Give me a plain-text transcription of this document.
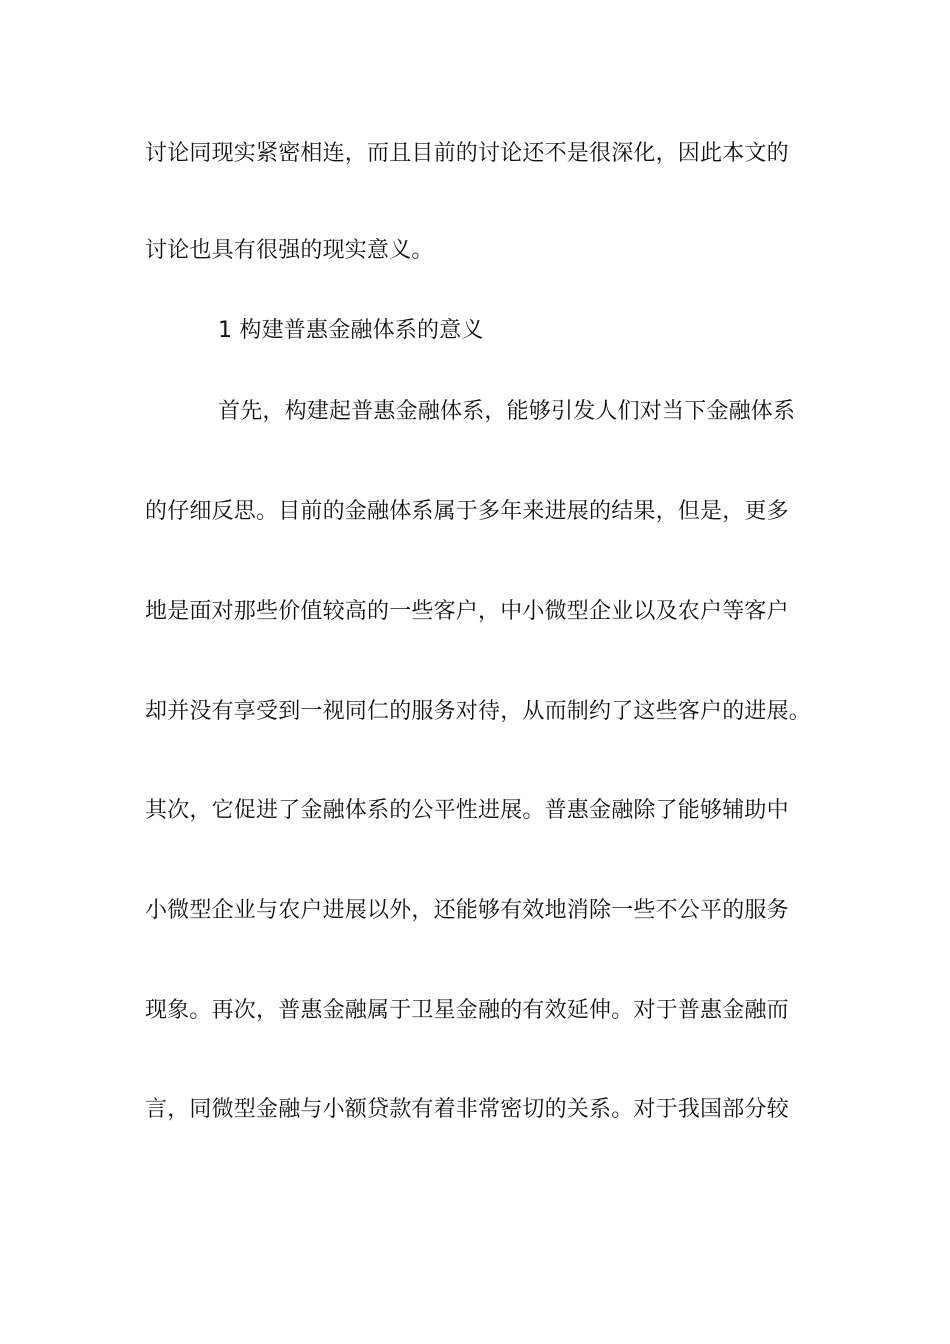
讨论同现实紧密相连，而且目前的讨论还不是很深化，因此本文的
讨论也具有很强的现实意义。
1 构建普惠金融体系的意义
首先，构建起普惠金融体系，能够引发人们对当下金融体系
的仔细反思。目前的金融体系属于多年来进展的结果，但是，更多
地是面对那些价值较高的一些客户，中小微型企业以及农户等客户
却并没有享受到一视同仁的服务对待，从而制约了这些客户的进展。
其次，它促进了金融体系的公平性进展。普惠金融除了能够辅助中
小微型企业与农户进展以外，还能够有效地消除一些不公平的服务
现象。再次，普惠金融属于卫星金融的有效延伸。对于普惠金融而
言，同微型金融与小额贷款有着非常密切的关系。对于我国部分较
